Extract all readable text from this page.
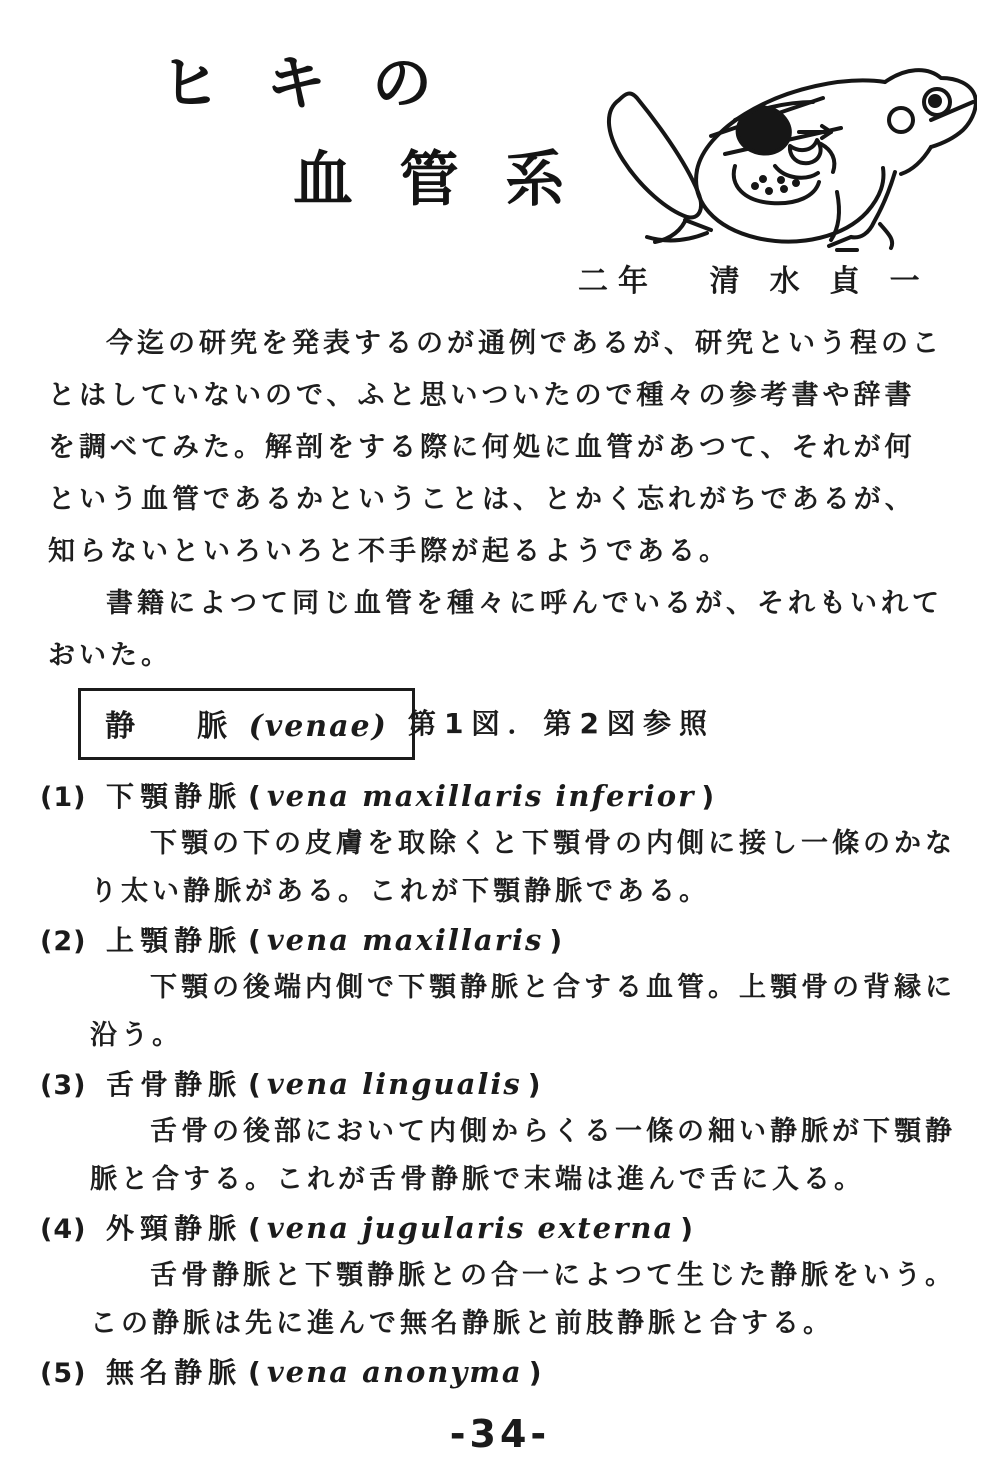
ヒキの
血管系
二年 清水貞一
今迄の研究を発表するのが通例であるが、研究という程のこ
とはしていないので、ふと思いついたので種々の参考書や辞書
を調べてみた。解剖をする際に何処に血管があつて、それが何
という血管であるかということは、とかく忘れがちであるが、
知らないといろいろと不手際が起るようである。
書籍によつて同じ血管を種々に呼んでいるが、それもいれて
おいた。
静　脈 (venae) 第1図．第2図参照
(1) 下顎静脈 ( vena maxillaris inferior )
下顎の下の皮膚を取除くと下顎骨の内側に接し一條のかな
り太い静脈がある。これが下顎静脈である。
(2) 上顎静脈 ( vena maxillaris )
下顎の後端内側で下顎静脈と合する血管。上顎骨の背縁に
沿う。
(3) 舌骨静脈 ( vena lingualis )
舌骨の後部において内側からくる一條の細い静脈が下顎静
脈と合する。これが舌骨静脈で末端は進んで舌に入る。
(4) 外頸静脈 ( vena jugularis externa )
舌骨静脈と下顎静脈との合一によつて生じた静脈をいう。
この静脈は先に進んで無名静脈と前肢静脈と合する。
(5) 無名静脈 ( vena anonyma )
-34-
